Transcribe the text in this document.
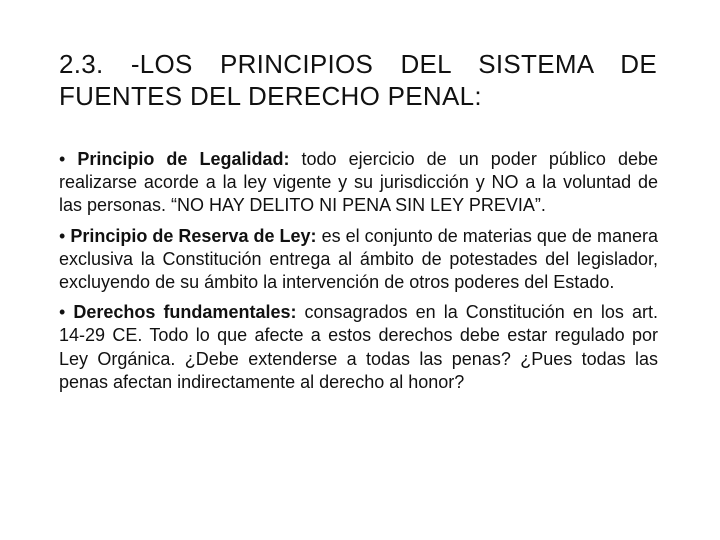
2.3. -LOS PRINCIPIOS DEL SISTEMA DE
FUENTES DEL DERECHO PENAL:

• Principio de Legalidad: todo ejercicio de un poder público debe realizarse acorde a la ley vigente y su jurisdicción y NO a la voluntad de las personas. “NO HAY DELITO NI PENA SIN LEY PREVIA”.

• Principio de Reserva de Ley: es el conjunto de materias que de manera exclusiva la Constitución entrega al ámbito de potestades del legislador, excluyendo de su ámbito la intervención de otros poderes del Estado.

• Derechos fundamentales: consagrados en la Constitución en los art. 14-29 CE. Todo lo que afecte a estos derechos debe estar regulado por Ley Orgánica. ¿Debe extenderse a todas las penas? ¿Pues todas las penas afectan indirectamente al derecho al honor?
